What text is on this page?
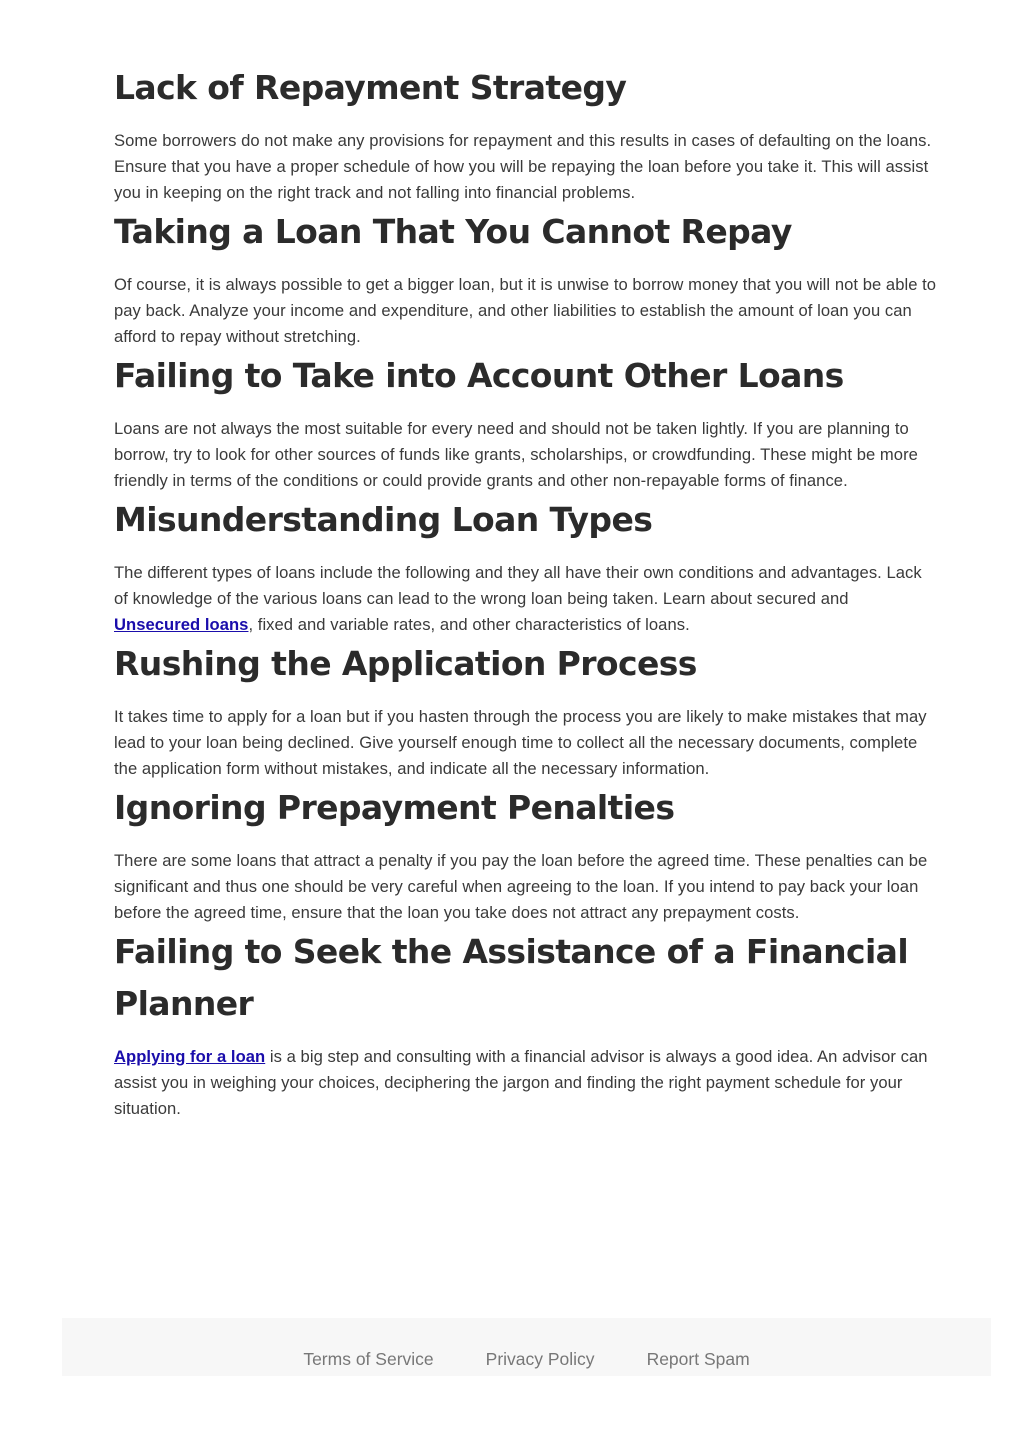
Lack of Repayment Strategy

Some borrowers do not make any provisions for repayment and this results in cases of defaulting on the loans. Ensure that you have a proper schedule of how you will be repaying the loan before you take it. This will assist you in keeping on the right track and not falling into financial problems.

Taking a Loan That You Cannot Repay

Of course, it is always possible to get a bigger loan, but it is unwise to borrow money that you will not be able to pay back. Analyze your income and expenditure, and other liabilities to establish the amount of loan you can afford to repay without stretching.

Failing to Take into Account Other Loans

Loans are not always the most suitable for every need and should not be taken lightly. If you are planning to borrow, try to look for other sources of funds like grants, scholarships, or crowdfunding. These might be more friendly in terms of the conditions or could provide grants and other non-repayable forms of finance.

Misunderstanding Loan Types

The different types of loans include the following and they all have their own conditions and advantages. Lack of knowledge of the various loans can lead to the wrong loan being taken. Learn about secured and Unsecured loans, fixed and variable rates, and other characteristics of loans.

Rushing the Application Process

It takes time to apply for a loan but if you hasten through the process you are likely to make mistakes that may lead to your loan being declined. Give yourself enough time to collect all the necessary documents, complete the application form without mistakes, and indicate all the necessary information.

Ignoring Prepayment Penalties

There are some loans that attract a penalty if you pay the loan before the agreed time. These penalties can be significant and thus one should be very careful when agreeing to the loan. If you intend to pay back your loan before the agreed time, ensure that the loan you take does not attract any prepayment costs.

Failing to Seek the Assistance of a Financial Planner

Applying for a loan is a big step and consulting with a financial advisor is always a good idea. An advisor can assist you in weighing your choices, deciphering the jargon and finding the right payment schedule for your situation.

Terms of Service	Privacy Policy	Report Spam
